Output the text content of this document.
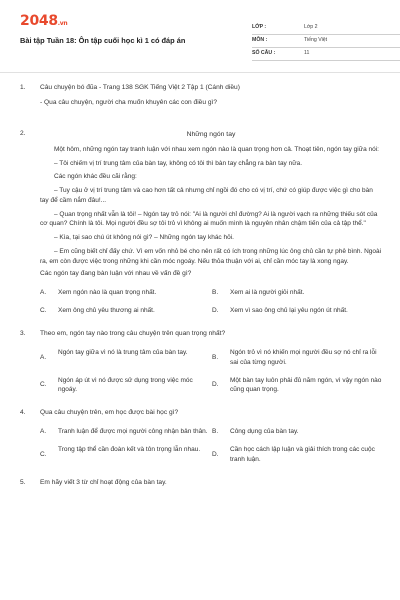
2048.vn
Bài tập Tuần 18: Ôn tập cuối học kì 1 có đáp án
LỚP :	Lớp 2
MÔN :	Tiếng Việt
SỐ CÂU :	11
1. Câu chuyện bó đũa - Trang 138 SGK Tiếng Việt 2 Tập 1 (Cánh diều)
- Qua câu chuyện, người cha muốn khuyên các con điều gì?
2.	Những ngón tay
Một hôm, những ngón tay tranh luận với nhau xem ngón nào là quan trọng hơn cả. Thoạt tiên, ngón tay giữa nói:
– Tôi chiếm vị trí trung tâm của bàn tay, không có tôi thì bàn tay chẳng ra bàn tay nữa.
Các ngón khác đều cãi rằng:
– Tuy cậu ở vị trí trung tâm và cao hơn tất cả nhưng chỉ ngồi đó cho có vị trí, chứ có giúp được việc gì cho bàn tay để cầm nắm đâu!...
– Quan trọng nhất vẫn là tôi! – Ngón tay trỏ nói: "Ai là người chỉ đường? Ai là người vạch ra những thiếu sót của cơ quan? Chính là tôi. Mọi người đều sợ tôi trỏ vì không ai muốn mình là nguyên nhân chậm tiến của cả tập thể."
– Kìa, tại sao chú út không nói gì? – Những ngón tay khác hỏi.
– Em cũng biết chỉ đấy chứ. Vì em vốn nhỏ bé cho nên rất có ích trong những lúc ông chủ cần tự phê bình. Ngoài ra, em còn được việc trong những khi cần móc ngoáy. Nếu thỏa thuận với ai, chỉ cần móc tay là xong ngay.
Các ngón tay đang bàn luận với nhau về vấn đề gì?
A. Xem ngón nào là quan trọng nhất.	B. Xem ai là người giỏi nhất.
C. Xem ông chủ yêu thương ai nhất.	D. Xem vì sao ông chủ lại yêu ngón út nhất.
3. Theo em, ngón tay nào trong câu chuyện trên quan trọng nhất?
A.
Ngón tay giữa vì nó là trung tâm của bàn tay.
B.
Ngón trỏ vì nó khiến mọi người đều sợ nó chỉ ra lỗi sai của từng người.
C.
Ngón áp út vì nó được sử dụng trong việc móc ngoáy.
D.
Một bàn tay luôn phải đủ năm ngón, vì vậy ngón nào cũng quan trọng.
4. Qua câu chuyện trên, em học được bài học gì?
A. Tranh luận để được mọi người công nhận bản thân. B. Công dụng của bàn tay.
C.
Trong tập thể cần đoàn kết và tôn trọng lẫn nhau.
D.
Cần học cách lập luận và giải thích trong các cuộc tranh luận.
5. Em hãy viết 3 từ chỉ hoạt động của bàn tay.
